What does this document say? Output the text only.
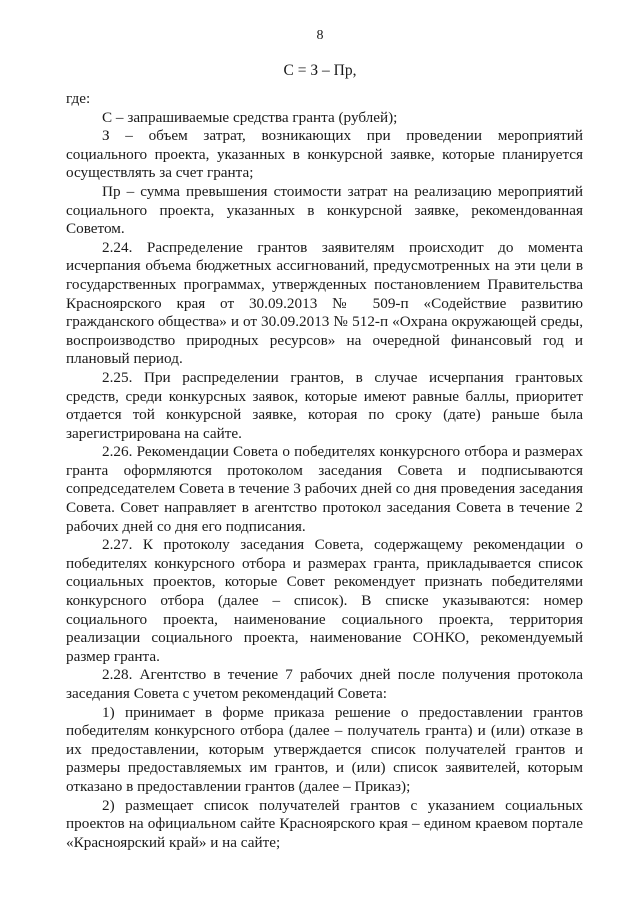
8
С = З – Пр,

где:

С – запрашиваемые средства гранта (рублей);

З – объем затрат, возникающих при проведении мероприятий социального проекта, указанных в конкурсной заявке, которые планируется осуществлять за счет гранта;

Пр – сумма превышения стоимости затрат на реализацию мероприятий социального проекта, указанных в конкурсной заявке, рекомендованная Советом.

2.24. Распределение грантов заявителям происходит до момента исчерпания объема бюджетных ассигнований, предусмотренных на эти цели в государственных программах, утвержденных постановлением Правительства Красноярского края от 30.09.2013 № 509-п «Содействие развитию гражданского общества» и от 30.09.2013 № 512-п «Охрана окружающей среды, воспроизводство природных ресурсов» на очередной финансовый год и плановый период.

2.25. При распределении грантов, в случае исчерпания грантовых средств, среди конкурсных заявок, которые имеют равные баллы, приоритет отдается той конкурсной заявке, которая по сроку (дате) раньше была зарегистрирована на сайте.

2.26. Рекомендации Совета о победителях конкурсного отбора и размерах гранта оформляются протоколом заседания Совета и подписываются сопредседателем Совета в течение 3 рабочих дней со дня проведения заседания Совета. Совет направляет в агентство протокол заседания Совета в течение 2 рабочих дней со дня его подписания.

2.27. К протоколу заседания Совета, содержащему рекомендации о победителях конкурсного отбора и размерах гранта, прикладывается список социальных проектов, которые Совет рекомендует признать победителями конкурсного отбора (далее – список). В списке указываются: номер социального проекта, наименование социального проекта, территория реализации социального проекта, наименование СОНКО, рекомендуемый размер гранта.

2.28. Агентство в течение 7 рабочих дней после получения протокола заседания Совета с учетом рекомендаций Совета:

1) принимает в форме приказа решение о предоставлении грантов победителям конкурсного отбора (далее – получатель гранта) и (или) отказе в их предоставлении, которым утверждается список получателей грантов и размеры предоставляемых им грантов, и (или) список заявителей, которым отказано в предоставлении грантов (далее – Приказ);

2) размещает список получателей грантов с указанием социальных проектов на официальном сайте Красноярского края – едином краевом портале «Красноярский край» и на сайте;
